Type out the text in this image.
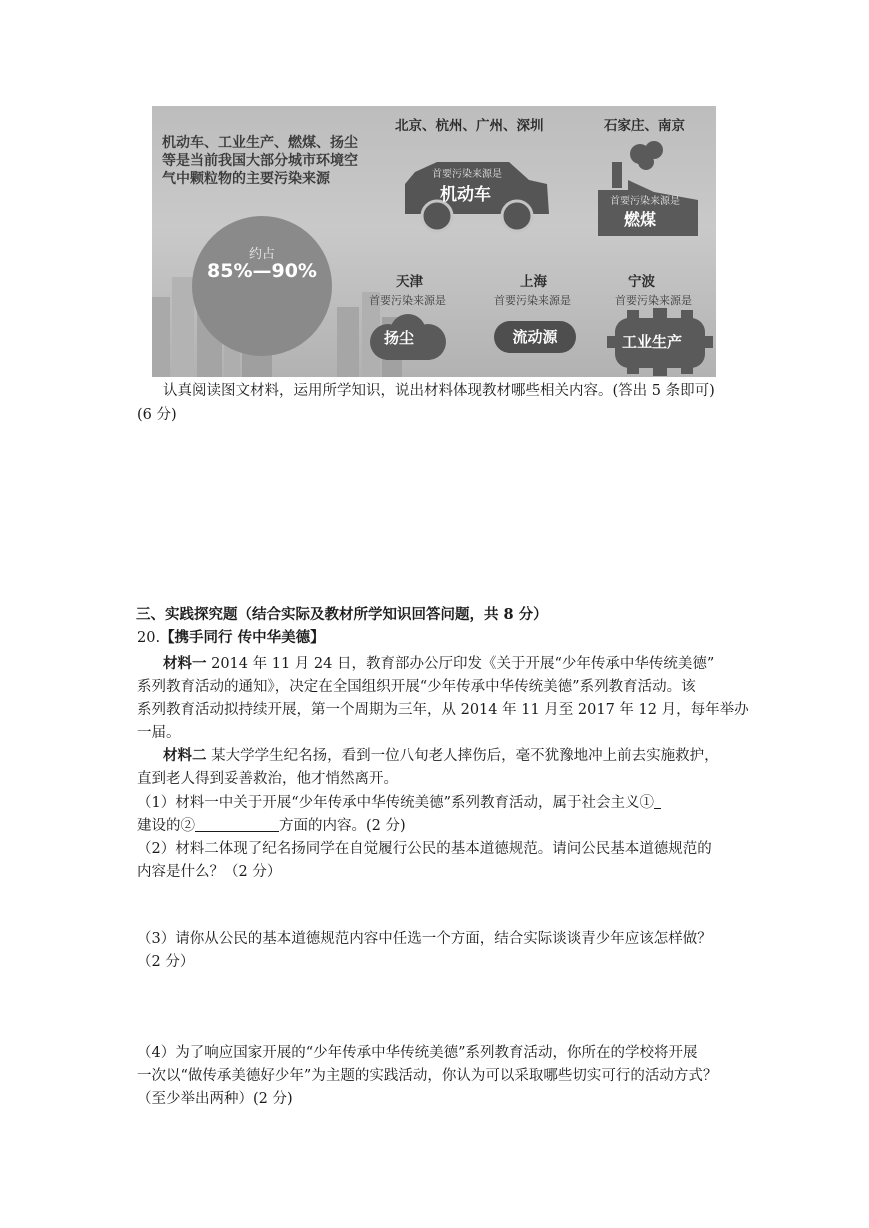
机动车、工业生产、燃煤、扬尘
等是当前我国大部分城市环境空
气中颗粒物的主要污染来源
约占
85%—90%
北京、杭州、广州、深圳
首要污染来源是
机动车
石家庄、南京
首要污染来源是
燃煤
天津
首要污染来源是
扬尘
上海
首要污染来源是
流动源
宁波
首要污染来源是
工业生产
认真阅读图文材料，运用所学知识，说出材料体现教材哪些相关内容。(答出 5 条即可)
(6 分)
三、实践探究题（结合实际及教材所学知识回答问题，共 8 分）
20.【携手同行 传中华美德】
材料一 2014 年 11 月 24 日，教育部办公厅印发《关于开展“少年传承中华传统美德”
系列教育活动的通知》，决定在全国组织开展“少年传承中华传统美德”系列教育活动。该
系列教育活动拟持续开展，第一个周期为三年，从 2014 年 11 月至 2017 年 12 月，每年举办
一届。
材料二 某大学学生纪名扬，看到一位八旬老人摔伤后，毫不犹豫地冲上前去实施救护，
直到老人得到妥善救治，他才悄然离开。
（1）材料一中关于开展“少年传承中华传统美德”系列教育活动，属于社会主义①
建设的②	方面的内容。(2 分)
（2）材料二体现了纪名扬同学在自觉履行公民的基本道德规范。请问公民基本道德规范的
内容是什么？（2 分）
（3）请你从公民的基本道德规范内容中任选一个方面，结合实际谈谈青少年应该怎样做？
（2 分）
（4）为了响应国家开展的“少年传承中华传统美德”系列教育活动，你所在的学校将开展
一次以“做传承美德好少年”为主题的实践活动，你认为可以采取哪些切实可行的活动方式？
（至少举出两种）(2 分)
